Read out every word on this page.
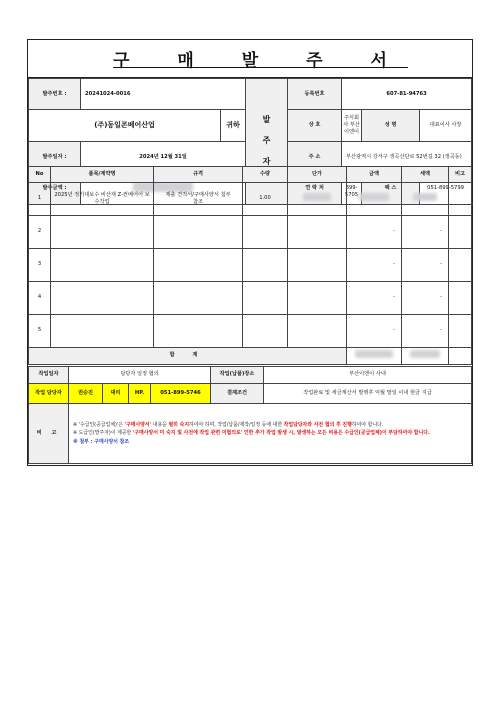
구 매 발 주 서
발주번호 :	20241024-0016		발
주
자	등록번호	607-81-94763			
(주)동일콘베어산업		귀하		상 호	주식회사 부산이엔이	성 명	대표이사 사장	
발주일자 :	2024년 12월 31일			주 소	부산광역시 강서구 생곡산단로 52번길 32 (생곡동)			
발주금액 :				연 락 처	899-5705	팩 스	051-899-5799	
No	품목/계약명	규격	수량	단가	금액	세액	비고
1	2025년 정기대보수 비산재 Z-컨베어어 보수작업	제출 견적서/구매사양서 첨부참조	1.00				
2					-	-	
3					-	-	
4					-	-	
5					-	-	
합 계							
작업일자	담당자 일정 협의				작업(납품)장소	부산이엔이 사내
작업 담당자	권승진	대리	HP.	051-899-5746	결제조건	작업완료 및 세금계산서 발행후 익월 말일 이내 현금 지급
비 고	
※ '수급인(공급업체)'은 '구매사양서' 내용을 필히 숙지하여야 하며, 작업/납품/제작/일정 등에 대한 작업담당자와 사전 협의 후 진행하여야 합니다.
※ 도급인(발주자)이 제공한 '구매사양서 미 숙지 및 사전에 작업 관련 미협의로' 인한 추가 작업 발생 시, 발생하는 모든 비용은 수급인(공급업체)이 부담하여야 합니다.
※ 첨부 : 구매사양서 참조
